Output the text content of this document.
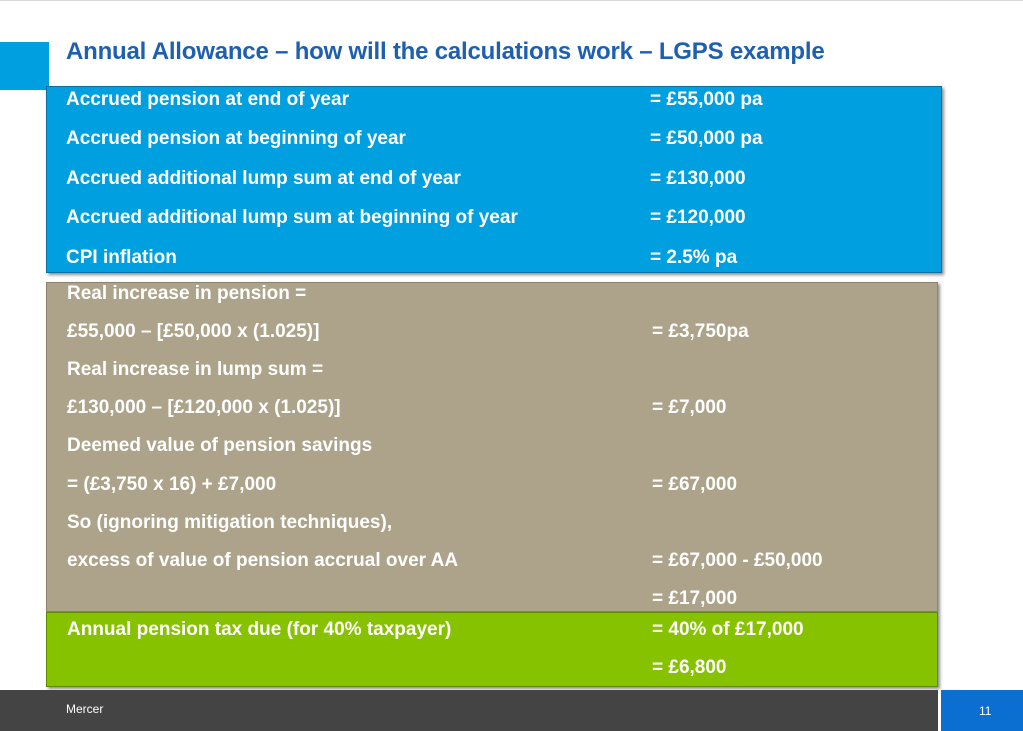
Annual Allowance – how will the calculations work – LGPS example
Accrued pension at end of year	= £55,000 pa
Accrued pension at beginning of year	= £50,000 pa
Accrued additional lump sum at end of year	= £130,000
Accrued additional lump sum at beginning of year	= £120,000
CPI inflation	= 2.5% pa
Real increase in pension =
£55,000 – [£50,000 x (1.025)]	= £3,750pa
Real increase in lump sum =
£130,000 – [£120,000 x (1.025)]	= £7,000
Deemed value of pension savings
= (£3,750 x 16) + £7,000	= £67,000
So (ignoring mitigation techniques),
excess of value of pension accrual over AA	= £67,000 - £50,000
= £17,000
Annual pension tax due (for 40% taxpayer)	= 40% of £17,000
= £6,800
Mercer	11
